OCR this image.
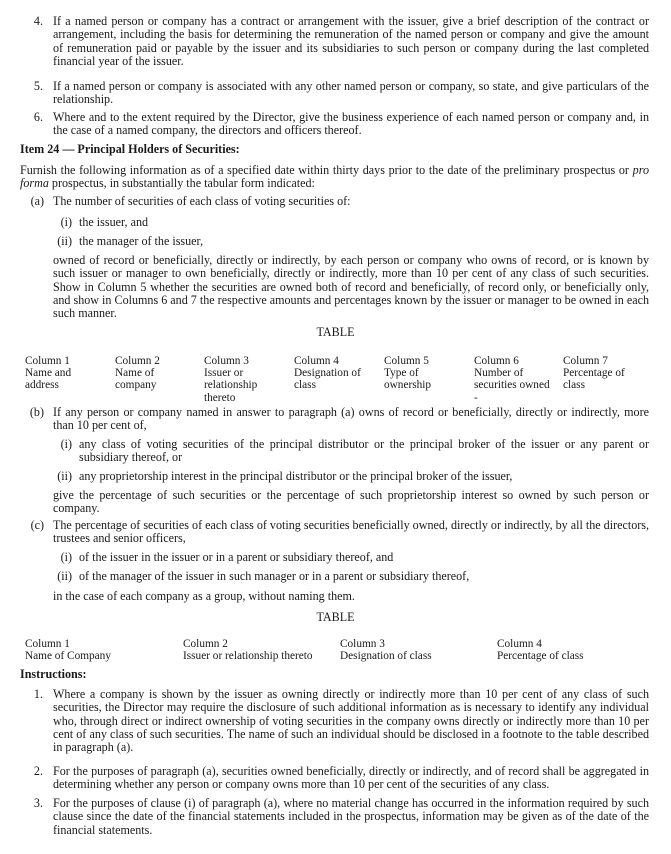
4. If a named person or company has a contract or arrangement with the issuer, give a brief description of the contract or arrangement, including the basis for determining the remuneration of the named person or company and give the amount of remuneration paid or payable by the issuer and its subsidiaries to such person or company during the last completed financial year of the issuer.
5. If a named person or company is associated with any other named person or company, so state, and give particulars of the relationship.
6. Where and to the extent required by the Director, give the business experience of each named person or company and, in the case of a named company, the directors and officers thereof.
Item 24 — Principal Holders of Securities:
Furnish the following information as of a specified date within thirty days prior to the date of the preliminary prospectus or pro forma prospectus, in substantially the tabular form indicated:
(a) The number of securities of each class of voting securities of:
(i) the issuer, and
(ii) the manager of the issuer,
owned of record or beneficially, directly or indirectly, by each person or company who owns of record, or is known by such issuer or manager to own beneficially, directly or indirectly, more than 10 per cent of any class of such securities. Show in Column 5 whether the securities are owned both of record and beneficially, of record only, or beneficially only, and show in Columns 6 and 7 the respective amounts and percentages known by the issuer or manager to be owned in each such manner.
TABLE
Column 1
Name and
address
Column 2
Name of
company
Column 3
Issuer or
relationship
thereto
Column 4
Designation of
class
Column 5
Type of
ownership
Column 6
Number of
securities owned
-
Column 7
Percentage of
class
(b) If any person or company named in answer to paragraph (a) owns of record or beneficially, directly or indirectly, more than 10 per cent of,
(i) any class of voting securities of the principal distributor or the principal broker of the issuer or any parent or subsidiary thereof, or
(ii) any proprietorship interest in the principal distributor or the principal broker of the issuer,
give the percentage of such securities or the percentage of such proprietorship interest so owned by such person or company.
(c) The percentage of securities of each class of voting securities beneficially owned, directly or indirectly, by all the directors, trustees and senior officers,
(i) of the issuer in the issuer or in a parent or subsidiary thereof, and
(ii) of the manager of the issuer in such manager or in a parent or subsidiary thereof,
in the case of each company as a group, without naming them.
TABLE
Column 1
Name of Company
Column 2
Issuer or relationship thereto
Column 3
Designation of class
Column 4
Percentage of class
Instructions:
1. Where a company is shown by the issuer as owning directly or indirectly more than 10 per cent of any class of such securities, the Director may require the disclosure of such additional information as is necessary to identify any individual who, through direct or indirect ownership of voting securities in the company owns directly or indirectly more than 10 per cent of any class of such securities. The name of such an individual should be disclosed in a footnote to the table described in paragraph (a).
2. For the purposes of paragraph (a), securities owned beneficially, directly or indirectly, and of record shall be aggregated in determining whether any person or company owns more than 10 per cent of the securities of any class.
3. For the purposes of clause (i) of paragraph (a), where no material change has occurred in the information required by such clause since the date of the financial statements included in the prospectus, information may be given as of the date of the financial statements.
